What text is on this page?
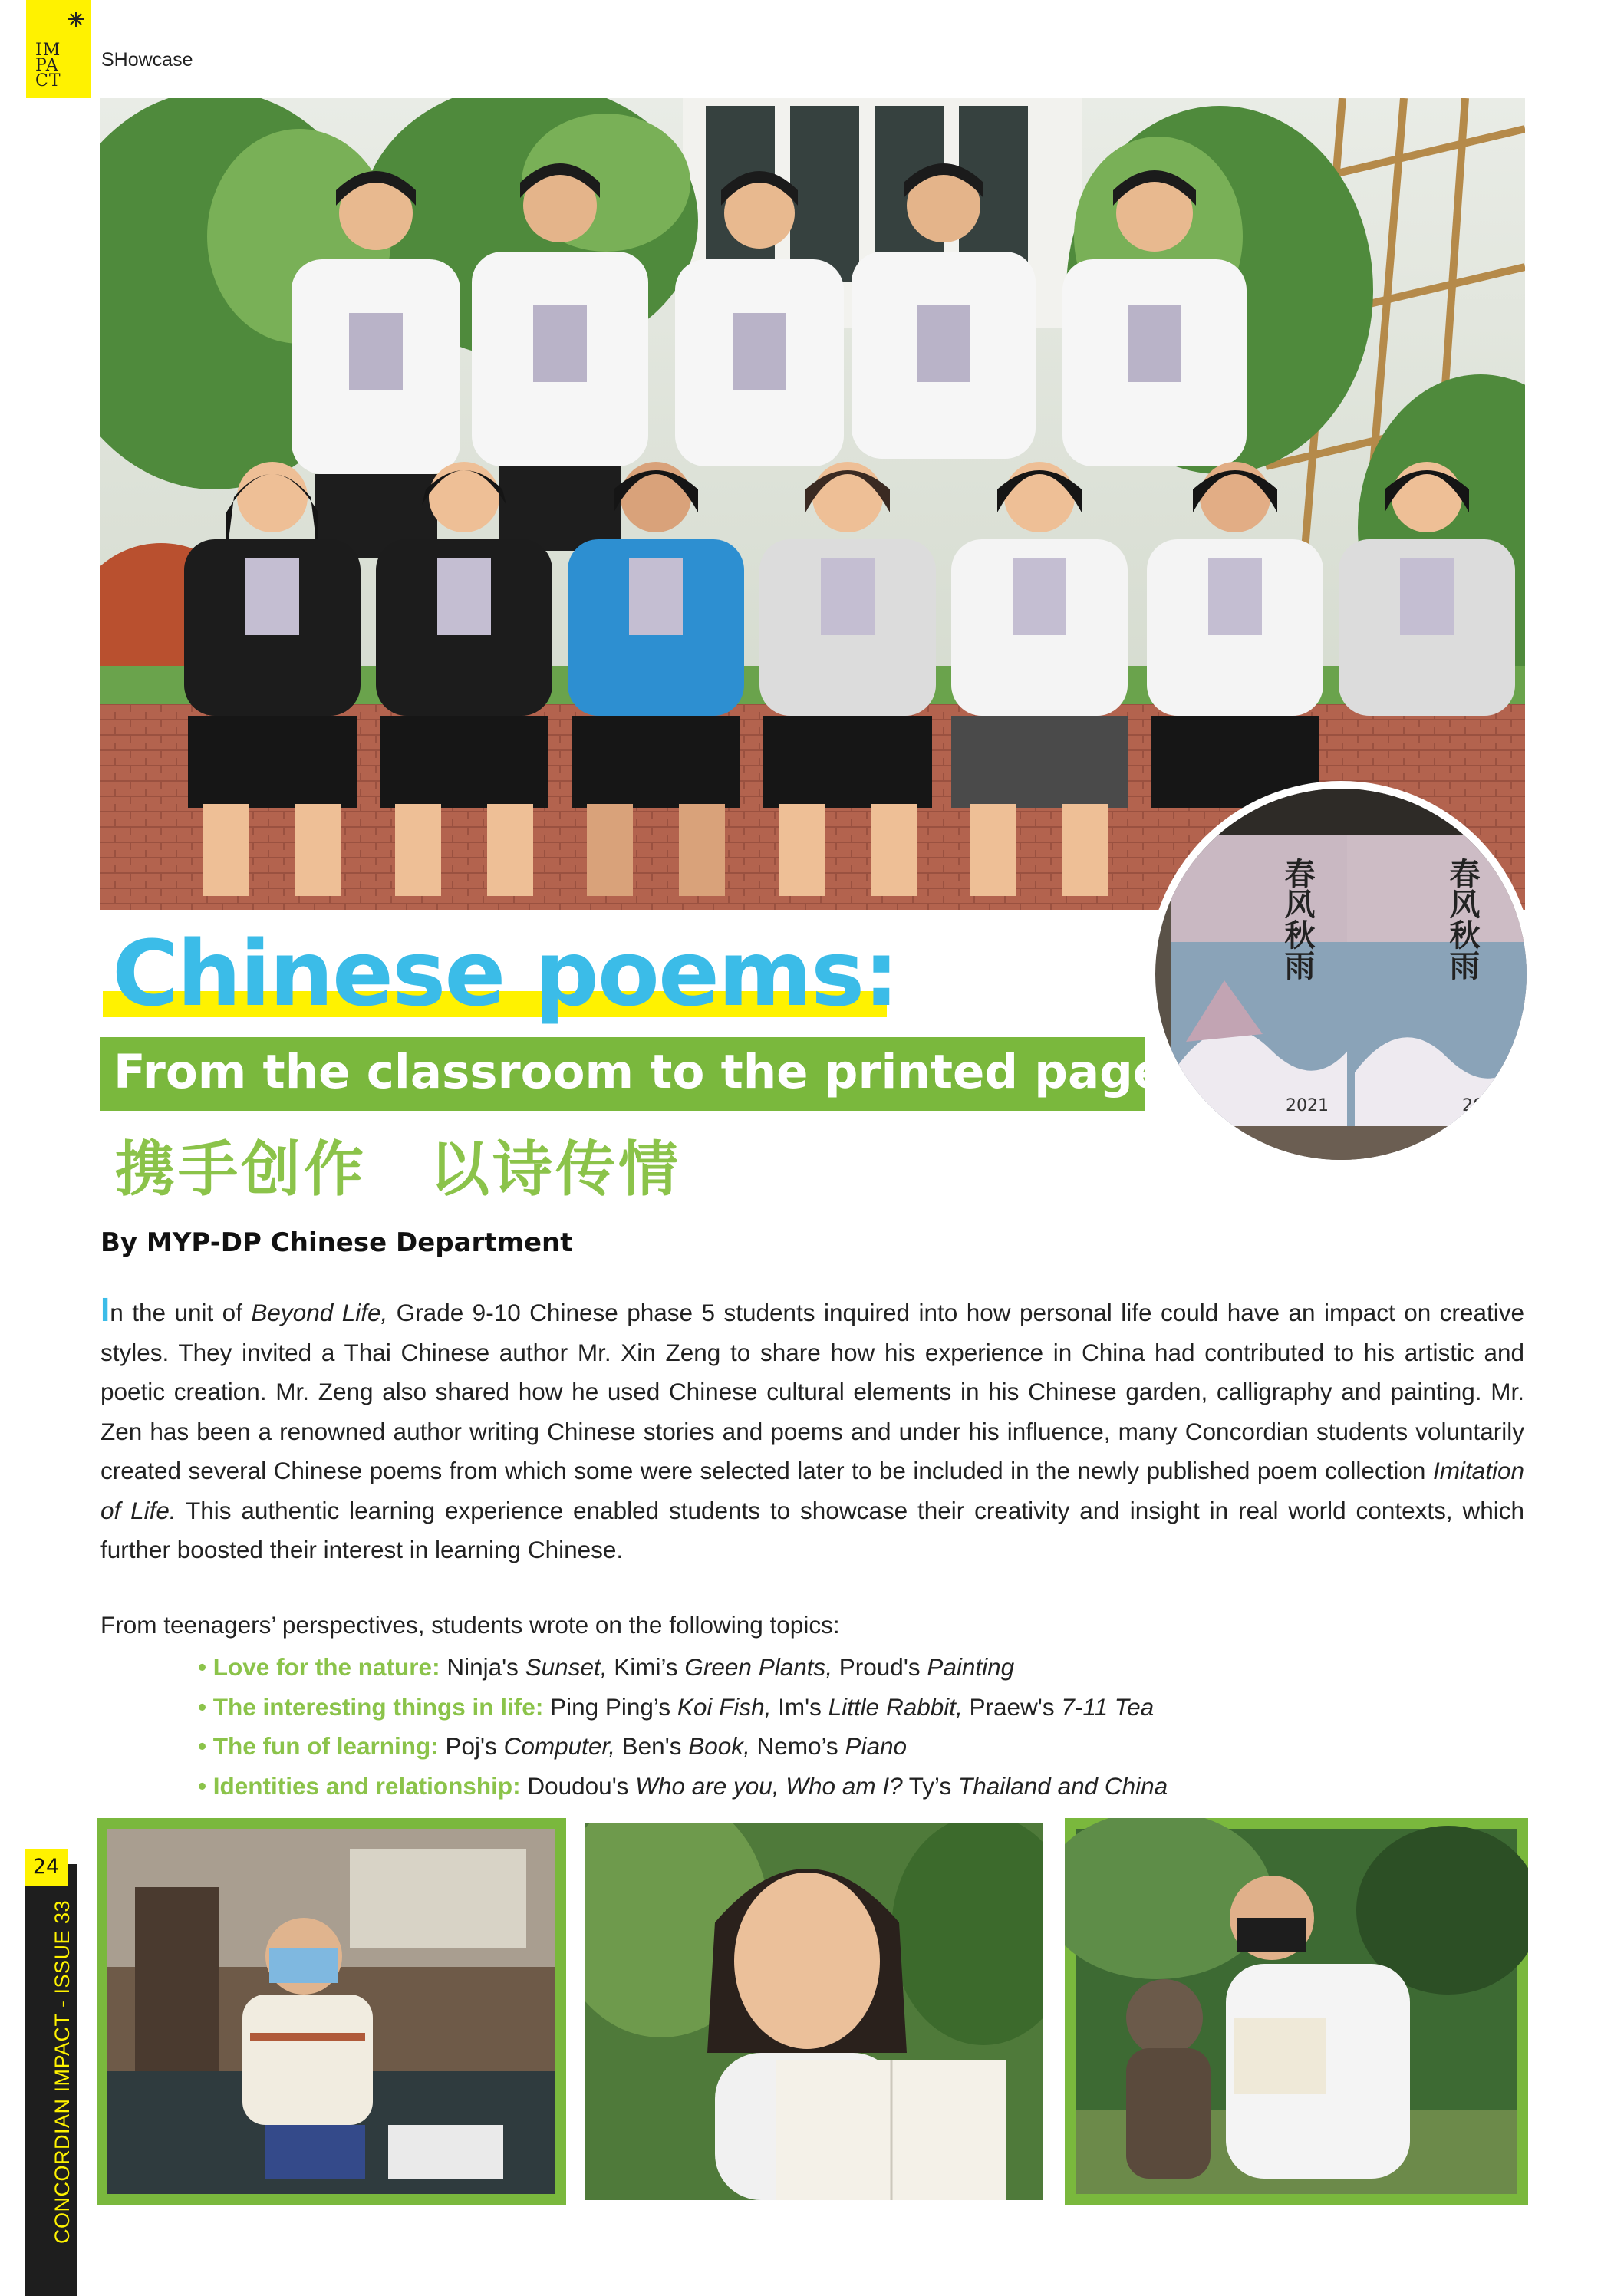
IM
PA
CT
SHowcase
春风秋雨	春风秋雨
2021	2021
Chinese poems:
From the classroom to the printed page
携手创作　以诗传情
By MYP-DP Chinese Department

In the unit of Beyond Life, Grade 9-10 Chinese phase 5 students inquired into how personal life could have an impact on creative styles. They invited a Thai Chinese author Mr. Xin Zeng to share how his experience in China had contributed to his artistic and poetic creation. Mr. Zeng also shared how he used Chinese cultural elements in his Chinese garden, calligraphy and painting. Mr. Zen has been a renowned author writing Chinese stories and poems and under his influence, many Concordian students voluntarily created several Chinese poems from which some were selected later to be included in the newly published poem collection Imitation of Life. This authentic learning experience enabled students to showcase their creativity and insight in real world contexts, which further boosted their interest in learning Chinese.

From teenagers’ perspectives, students wrote on the following topics:
• Love for the nature: Ninja's Sunset, Kimi’s Green Plants, Proud's Painting
• The interesting things in life: Ping Ping’s Koi Fish, Im's Little Rabbit, Praew's 7-11 Tea
• The fun of learning: Poj's Computer, Ben's Book, Nemo’s Piano
• Identities and relationship: Doudou's Who are you, Who am I? Ty’s Thailand and China
24
CONCORDIAN IMPACT - ISSUE 33
